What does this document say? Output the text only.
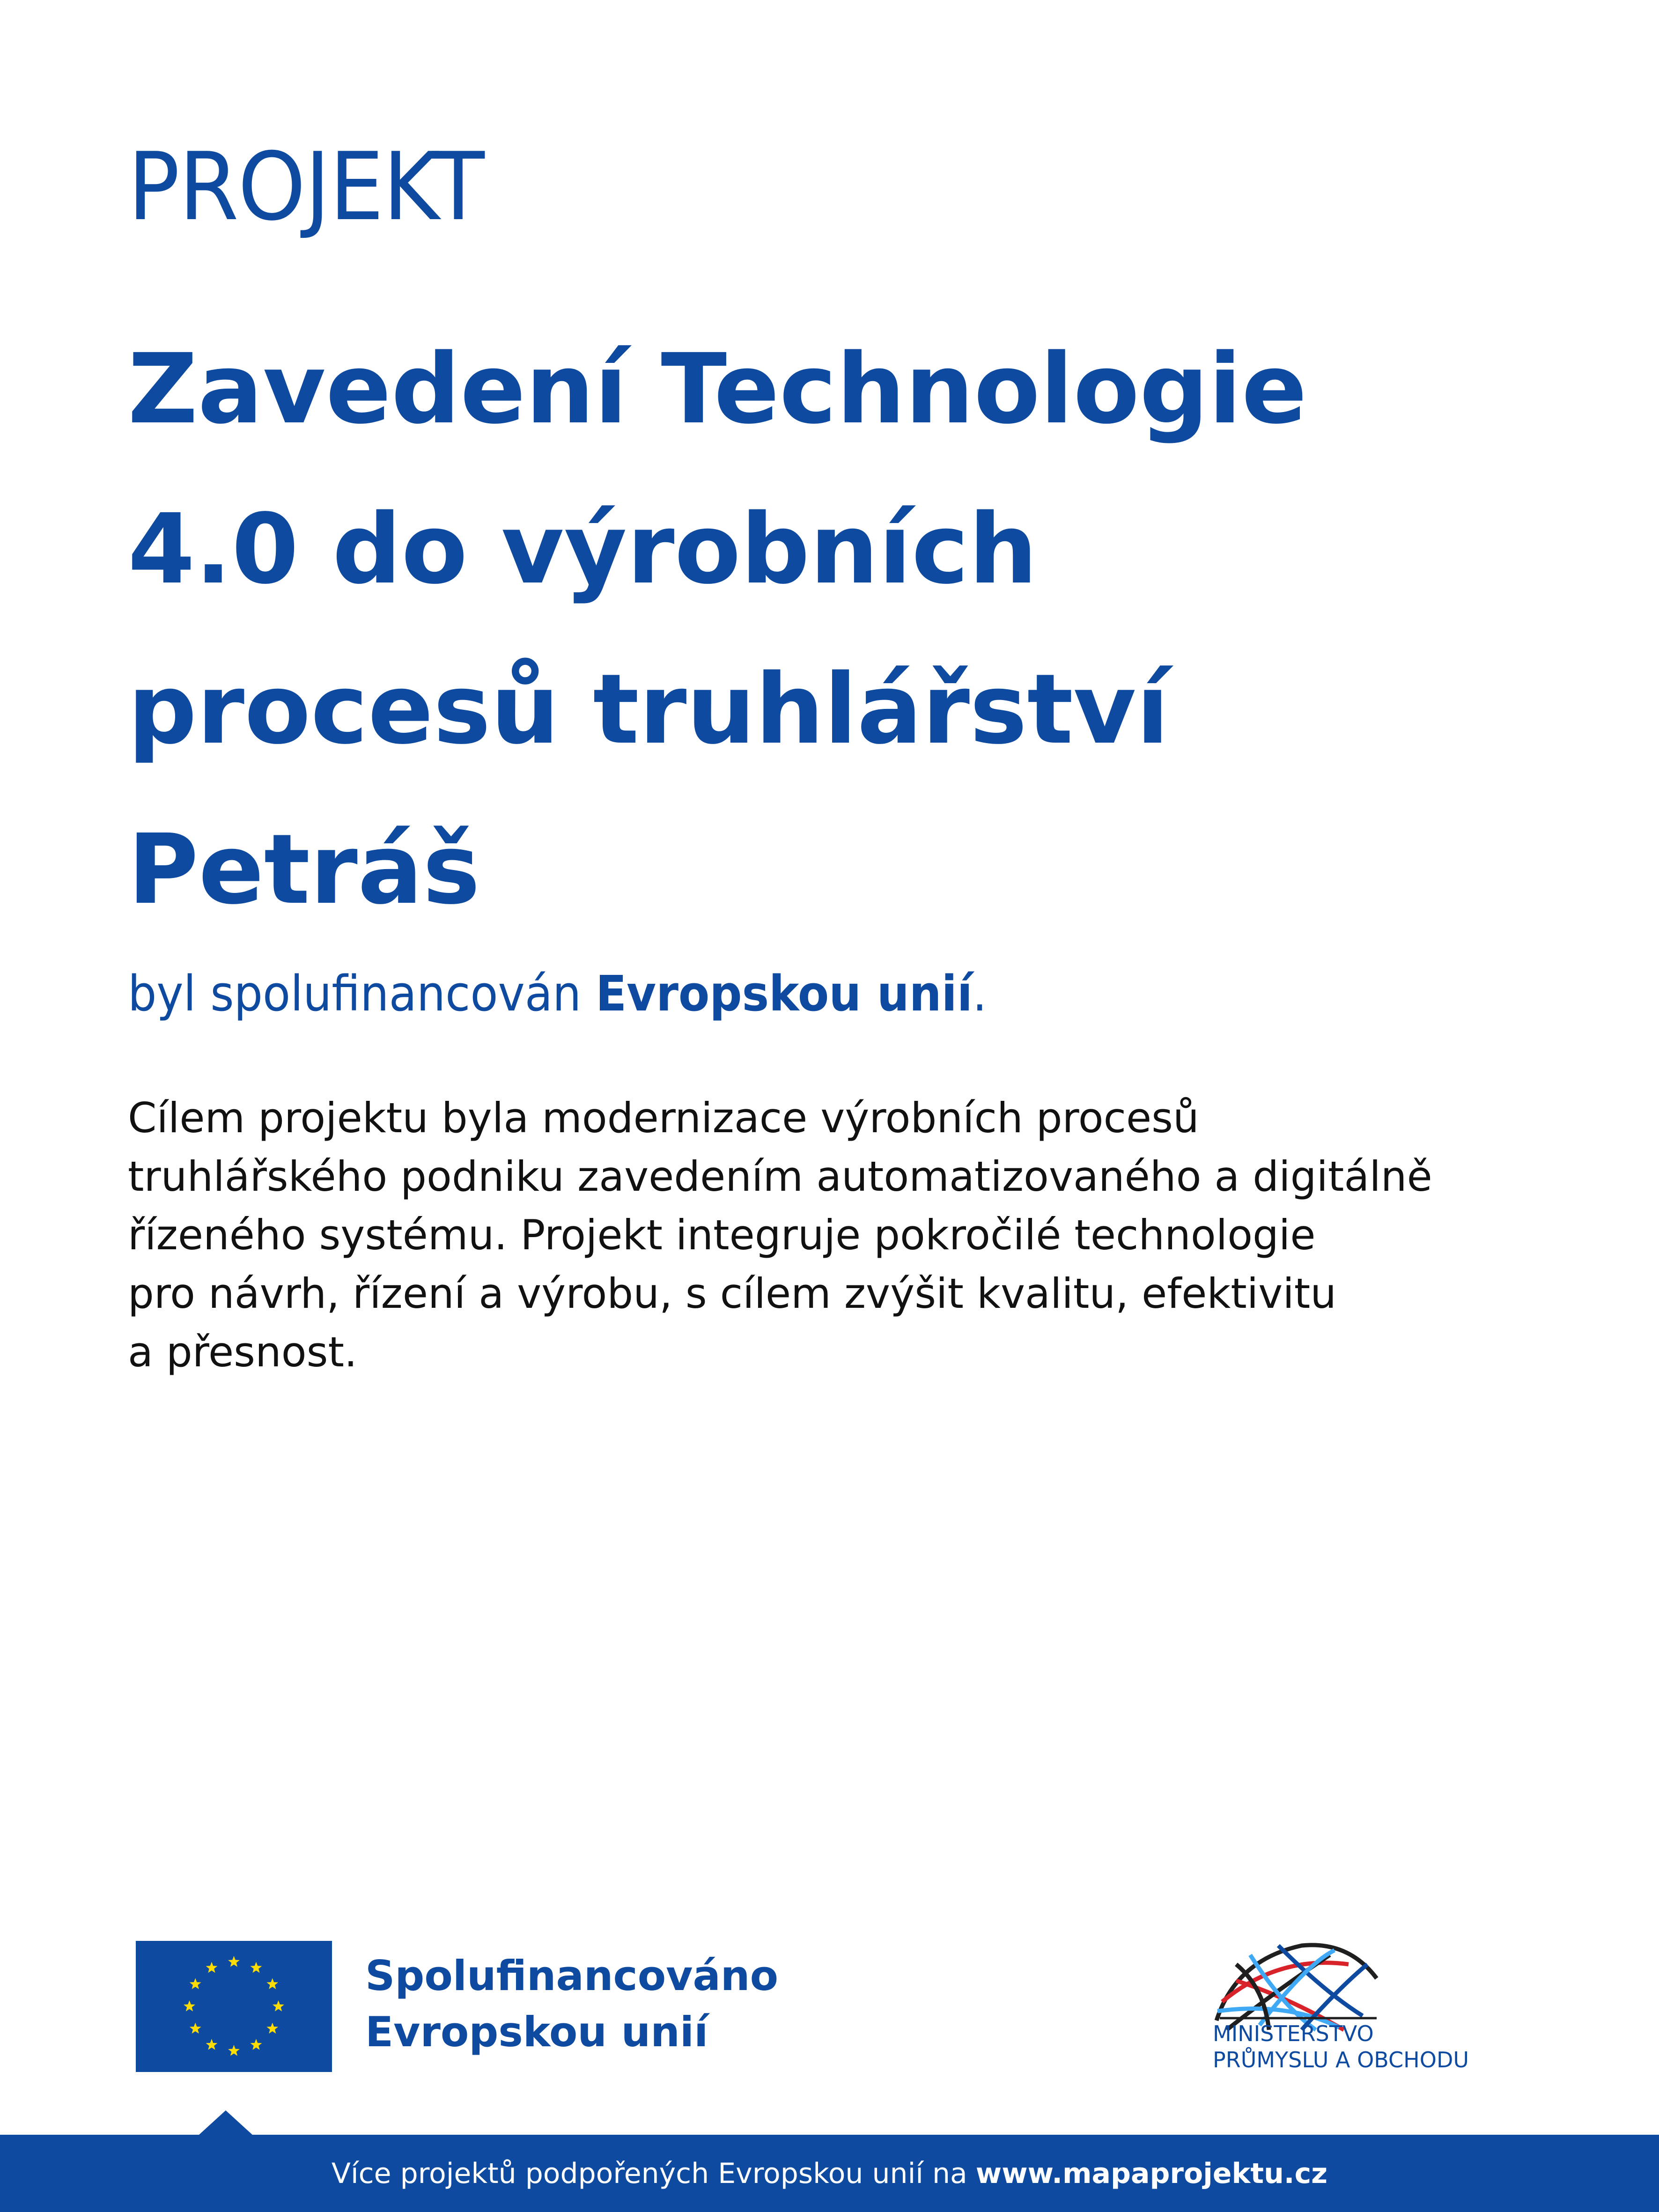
PROJEKT
Zavedení Technologie
4.0 do výrobních
procesů truhlářství
Petráš
byl spolufinancován Evropskou unií.
Cílem projektu byla modernizace výrobních procesů
truhlářského podniku zavedením automatizovaného a digitálně
řízeného systému. Projekt integruje pokročilé technologie
pro návrh, řízení a výrobu, s cílem zvýšit kvalitu, efektivitu
a přesnost.
Spolufinancováno
Evropskou unií	MINISTERSTVO
PRŮMYSLU A OBCHODU
Více projektů podpořených Evropskou unií na www.mapaprojektu.cz
